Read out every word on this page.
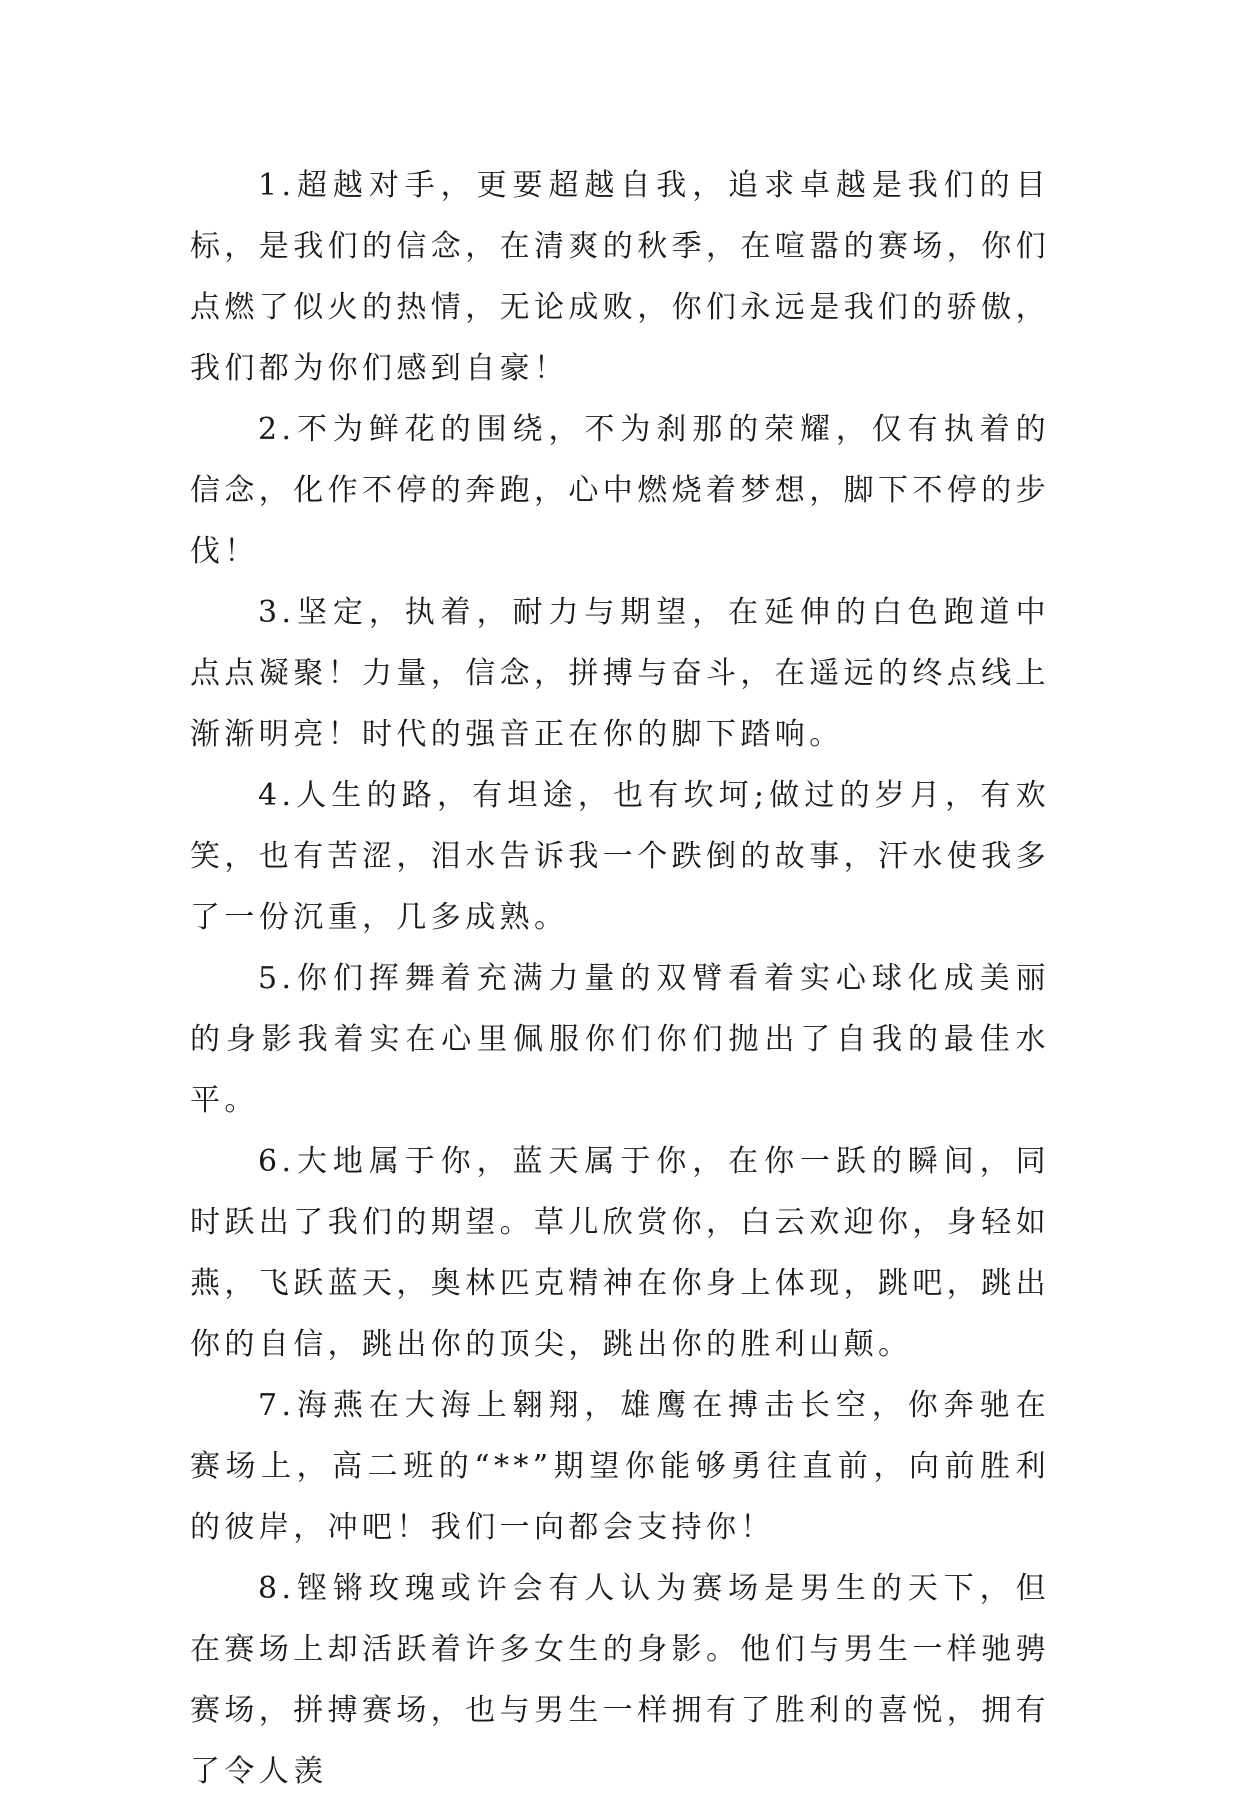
1.超越对手，更要超越自我，追求卓越是我们的目标，是我们的信念，在清爽的秋季，在喧嚣的赛场，你们点燃了似火的热情，无论成败，你们永远是我们的骄傲，我们都为你们感到自豪！

2.不为鲜花的围绕，不为刹那的荣耀，仅有执着的信念，化作不停的奔跑，心中燃烧着梦想，脚下不停的步伐！

3.坚定，执着，耐力与期望，在延伸的白色跑道中点点凝聚！力量，信念，拼搏与奋斗，在遥远的终点线上渐渐明亮！时代的强音正在你的脚下踏响。

4.人生的路，有坦途，也有坎坷;做过的岁月，有欢笑，也有苦涩，泪水告诉我一个跌倒的故事，汗水使我多了一份沉重，几多成熟。

5.你们挥舞着充满力量的双臂看着实心球化成美丽的身影我着实在心里佩服你们你们抛出了自我的最佳水平。

6.大地属于你，蓝天属于你，在你一跃的瞬间，同时跃出了我们的期望。草儿欣赏你，白云欢迎你，身轻如燕，飞跃蓝天，奥林匹克精神在你身上体现，跳吧，跳出你的自信，跳出你的顶尖，跳出你的胜利山颠。

7.海燕在大海上翱翔，雄鹰在搏击长空，你奔驰在赛场上，高二班的“**”期望你能够勇往直前，向前胜利的彼岸，冲吧！我们一向都会支持你！

8.铿锵玫瑰或许会有人认为赛场是男生的天下，但在赛场上却活跃着许多女生的身影。他们与男生一样驰骋赛场，拼搏赛场，也与男生一样拥有了胜利的喜悦，拥有了令人羡
